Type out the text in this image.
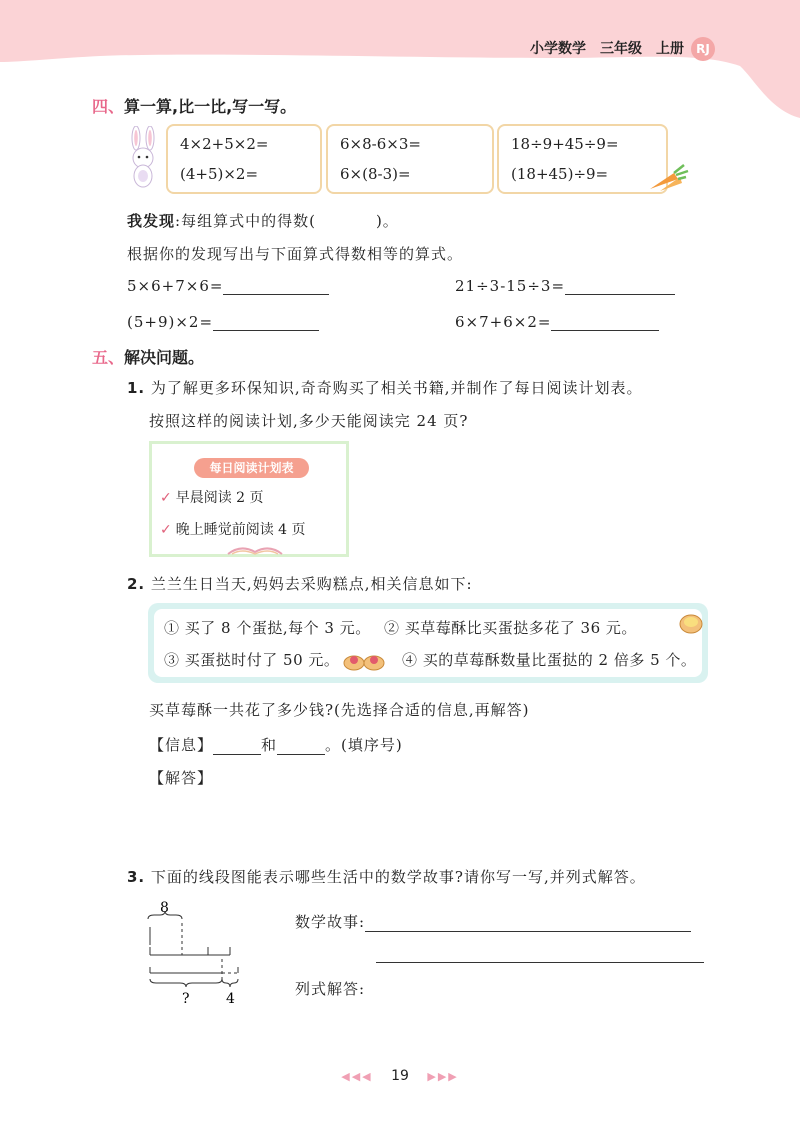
小学数学 三年级 上册	RJ
四、算一算,比一比,写一写。
4×2+5×2=
(4+5)×2=
6×8-6×3=
6×(8-3)=
18÷9+45÷9=
(18+45)÷9=
我发现:每组算式中的得数(	)。
根据你的发现写出与下面算式得数相等的算式。
5×6+7×6=	21÷3-15÷3=
(5+9)×2=	6×7+6×2=
五、解决问题。
1. 为了解更多环保知识,奇奇购买了相关书籍,并制作了每日阅读计划表。
按照这样的阅读计划,多少天能阅读完 24 页?
每日阅读计划表
✓ 早晨阅读 2 页
✓ 晚上睡觉前阅读 4 页
2. 兰兰生日当天,妈妈去采购糕点,相关信息如下:
① 买了 8 个蛋挞,每个 3 元。 ② 买草莓酥比买蛋挞多花了 36 元。
③ 买蛋挞时付了 50 元。	④ 买的草莓酥数量比蛋挞的 2 倍多 5 个。
买草莓酥一共花了多少钱?(先选择合适的信息,再解答)
【信息】	和	。(填序号)
【解答】
3. 下面的线段图能表示哪些生活中的数学故事?请你写一写,并列式解答。
8
?	4
数学故事:
列式解答:
◀◀◀ 19 ▶▶▶
